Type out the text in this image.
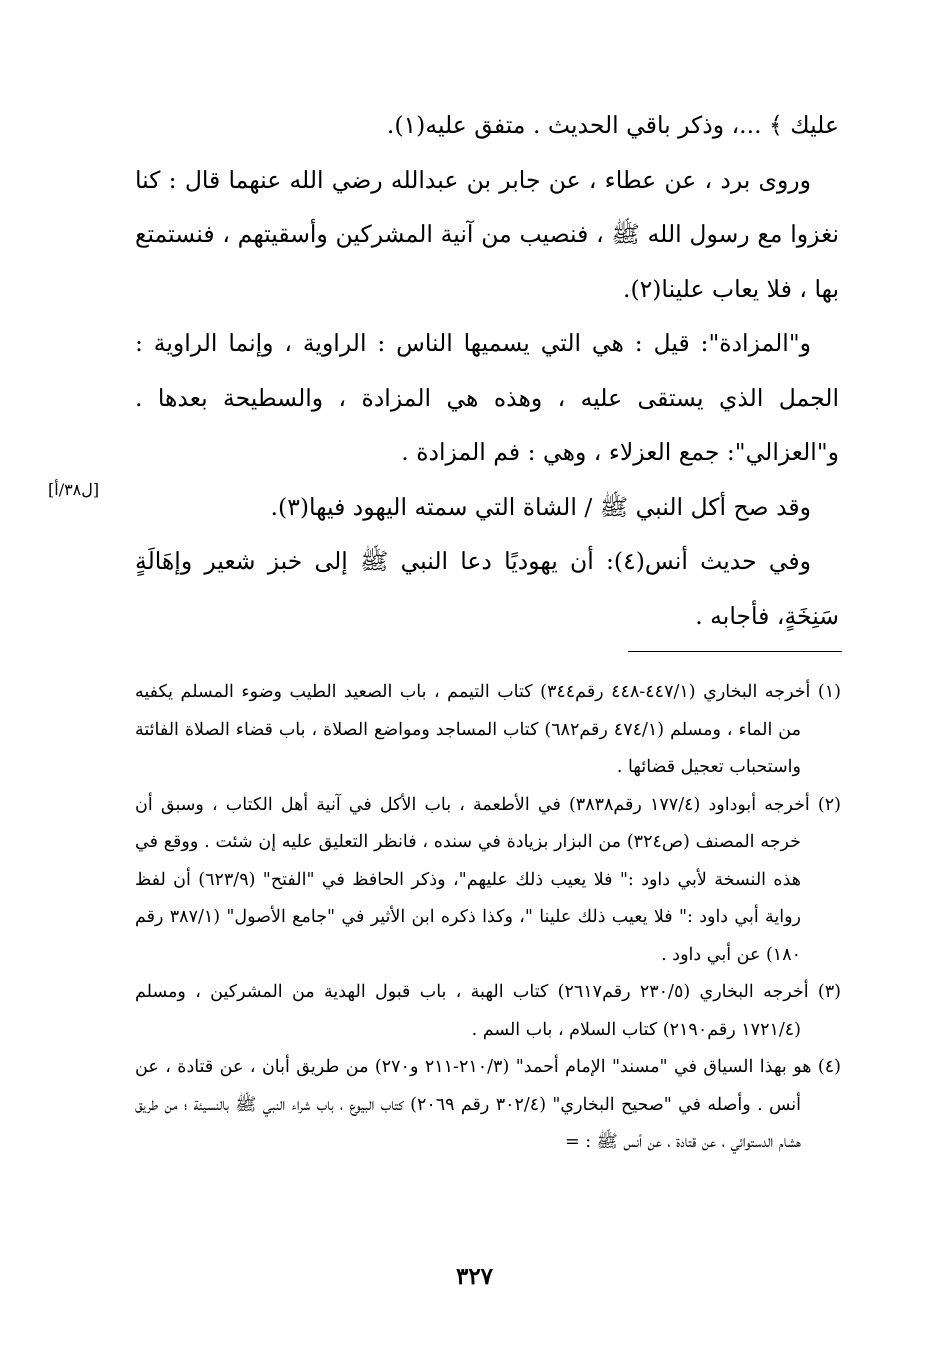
عليك ﴾ ...، وذكر باقي الحديث . متفق عليه(١).

وروى برد ، عن عطاء ، عن جابر بن عبدالله رضي الله عنهما قال : كنا نغزوا مع رسول الله ﷺ ، فنصيب من آنية المشركين وأسقيتهم ، فنستمتع بها ، فلا يعاب علينا(٢).

و"المزادة": قيل : هي التي يسميها الناس : الراوية ، وإنما الراوية : الجمل الذي يستقى عليه ، وهذه هي المزادة ، والسطيحة بعدها . و"العزالي": جمع العزلاء ، وهي : فم المزادة .

وقد صح أكل النبي ﷺ / الشاة التي سمته اليهود فيها(٣).

وفي حديث أنس(٤): أن يهوديًا دعا النبي ﷺ إلى خبز شعير وإهَالَةٍ سَنِخَةٍ، فأجابه .

[ل٣٨/أ]

(١) أخرجه البخاري (٤٤٧/١-٤٤٨ رقم٣٤٤) كتاب التيمم ، باب الصعيد الطيب وضوء المسلم يكفيه من الماء ، ومسلم (٤٧٤/١ رقم٦٨٢) كتاب المساجد ومواضع الصلاة ، باب قضاء الصلاة الفائتة واستحباب تعجيل قضائها .

(٢) أخرجه أبوداود (١٧٧/٤ رقم٣٨٣٨) في الأطعمة ، باب الأكل في آنية أهل الكتاب ، وسبق أن خرجه المصنف (ص٣٢٤) من البزار بزيادة في سنده ، فانظر التعليق عليه إن شئت . ووقع في هذه النسخة لأبي داود :" فلا يعيب ذلك عليهم"، وذكر الحافظ في "الفتح" (٦٢٣/٩) أن لفظ رواية أبي داود :" فلا يعيب ذلك علينا "، وكذا ذكره ابن الأثير في "جامع الأصول" (٣٨٧/١ رقم ١٨٠) عن أبي داود .

(٣) أخرجه البخاري (٢٣٠/٥ رقم٢٦١٧) كتاب الهبة ، باب قبول الهدية من المشركين ، ومسلم (١٧٢١/٤ رقم٢١٩٠) كتاب السلام ، باب السم .

(٤) هو بهذا السياق في "مسند" الإمام أحمد" (٢١٠/٣-٢١١ و٢٧٠) من طريق أبان ، عن قتادة ، عن أنس . وأصله في "صحيح البخاري" (٣٠٢/٤ رقم ٢٠٦٩) كتاب البيوع ، باب شراء النبي ﷺ بالنسيئة ؛ من طريق هشام الدستوائي ، عن قتادة ، عن أنس ﷺ : =

٣٢٧
